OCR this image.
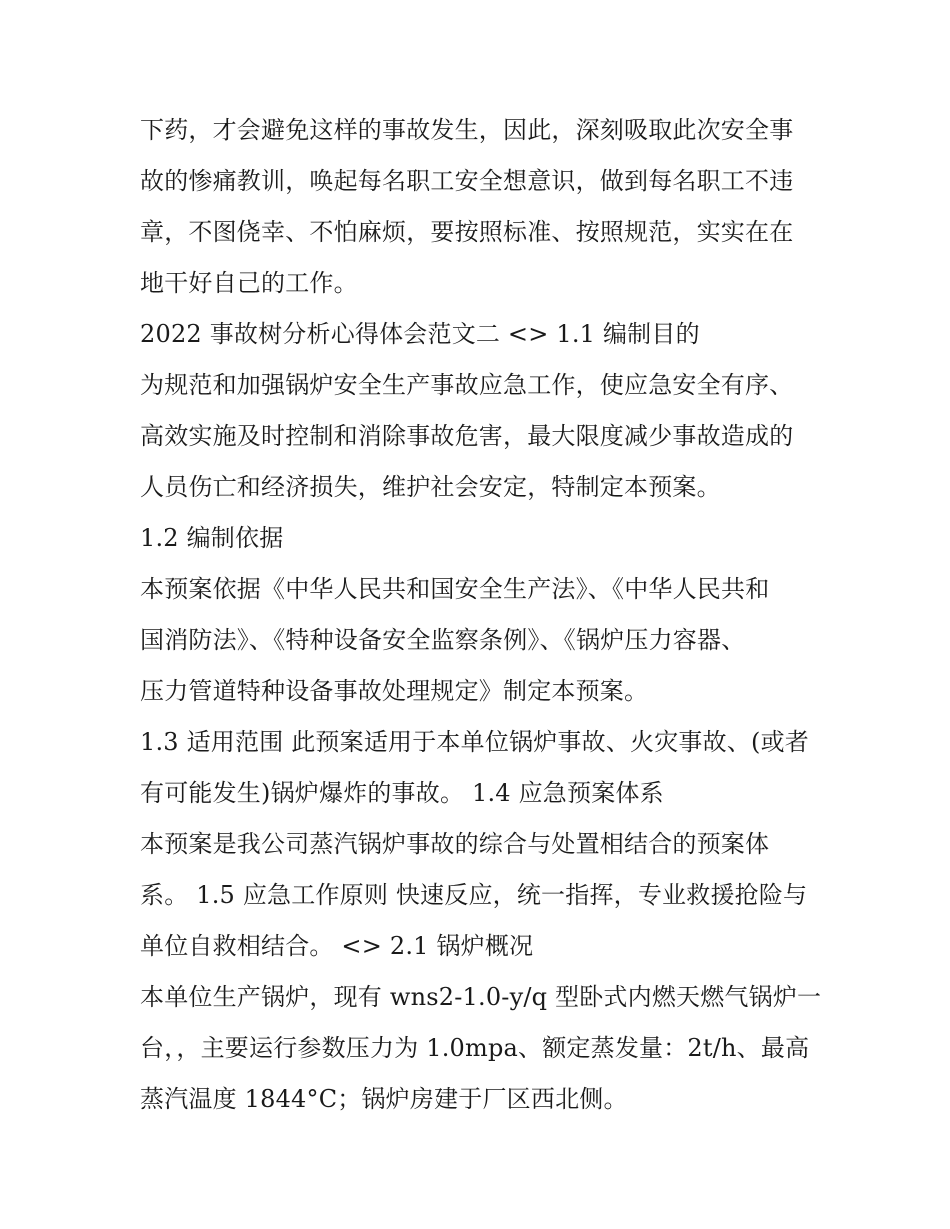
下药，才会避免这样的事故发生，因此，深刻吸取此次安全事
故的惨痛教训，唤起每名职工安全想意识，做到每名职工不违
章，不图侥幸、不怕麻烦，要按照标准、按照规范，实实在在
地干好自己的工作。
2022 事故树分析心得体会范文二 <> 1.1 编制目的
为规范和加强锅炉安全生产事故应急工作，使应急安全有序、
高效实施及时控制和消除事故危害，最大限度减少事故造成的
人员伤亡和经济损失，维护社会安定，特制定本预案。
1.2 编制依据
本预案依据《中华人民共和国安全生产法》、《中华人民共和
国消防法》、《特种设备安全监察条例》、《锅炉压力容器、
压力管道特种设备事故处理规定》制定本预案。
1.3 适用范围 此预案适用于本单位锅炉事故、火灾事故、(或者
有可能发生)锅炉爆炸的事故。 1.4 应急预案体系
本预案是我公司蒸汽锅炉事故的综合与处置相结合的预案体
系。 1.5 应急工作原则 快速反应，统一指挥，专业救援抢险与
单位自救相结合。 <> 2.1 锅炉概况
本单位生产锅炉，现有 wns2-1.0-y/q 型卧式内燃天燃气锅炉一
台，，主要运行参数压力为 1.0mpa、额定蒸发量：2t/h、最高
蒸汽温度 1844°C；锅炉房建于厂区西北侧。
